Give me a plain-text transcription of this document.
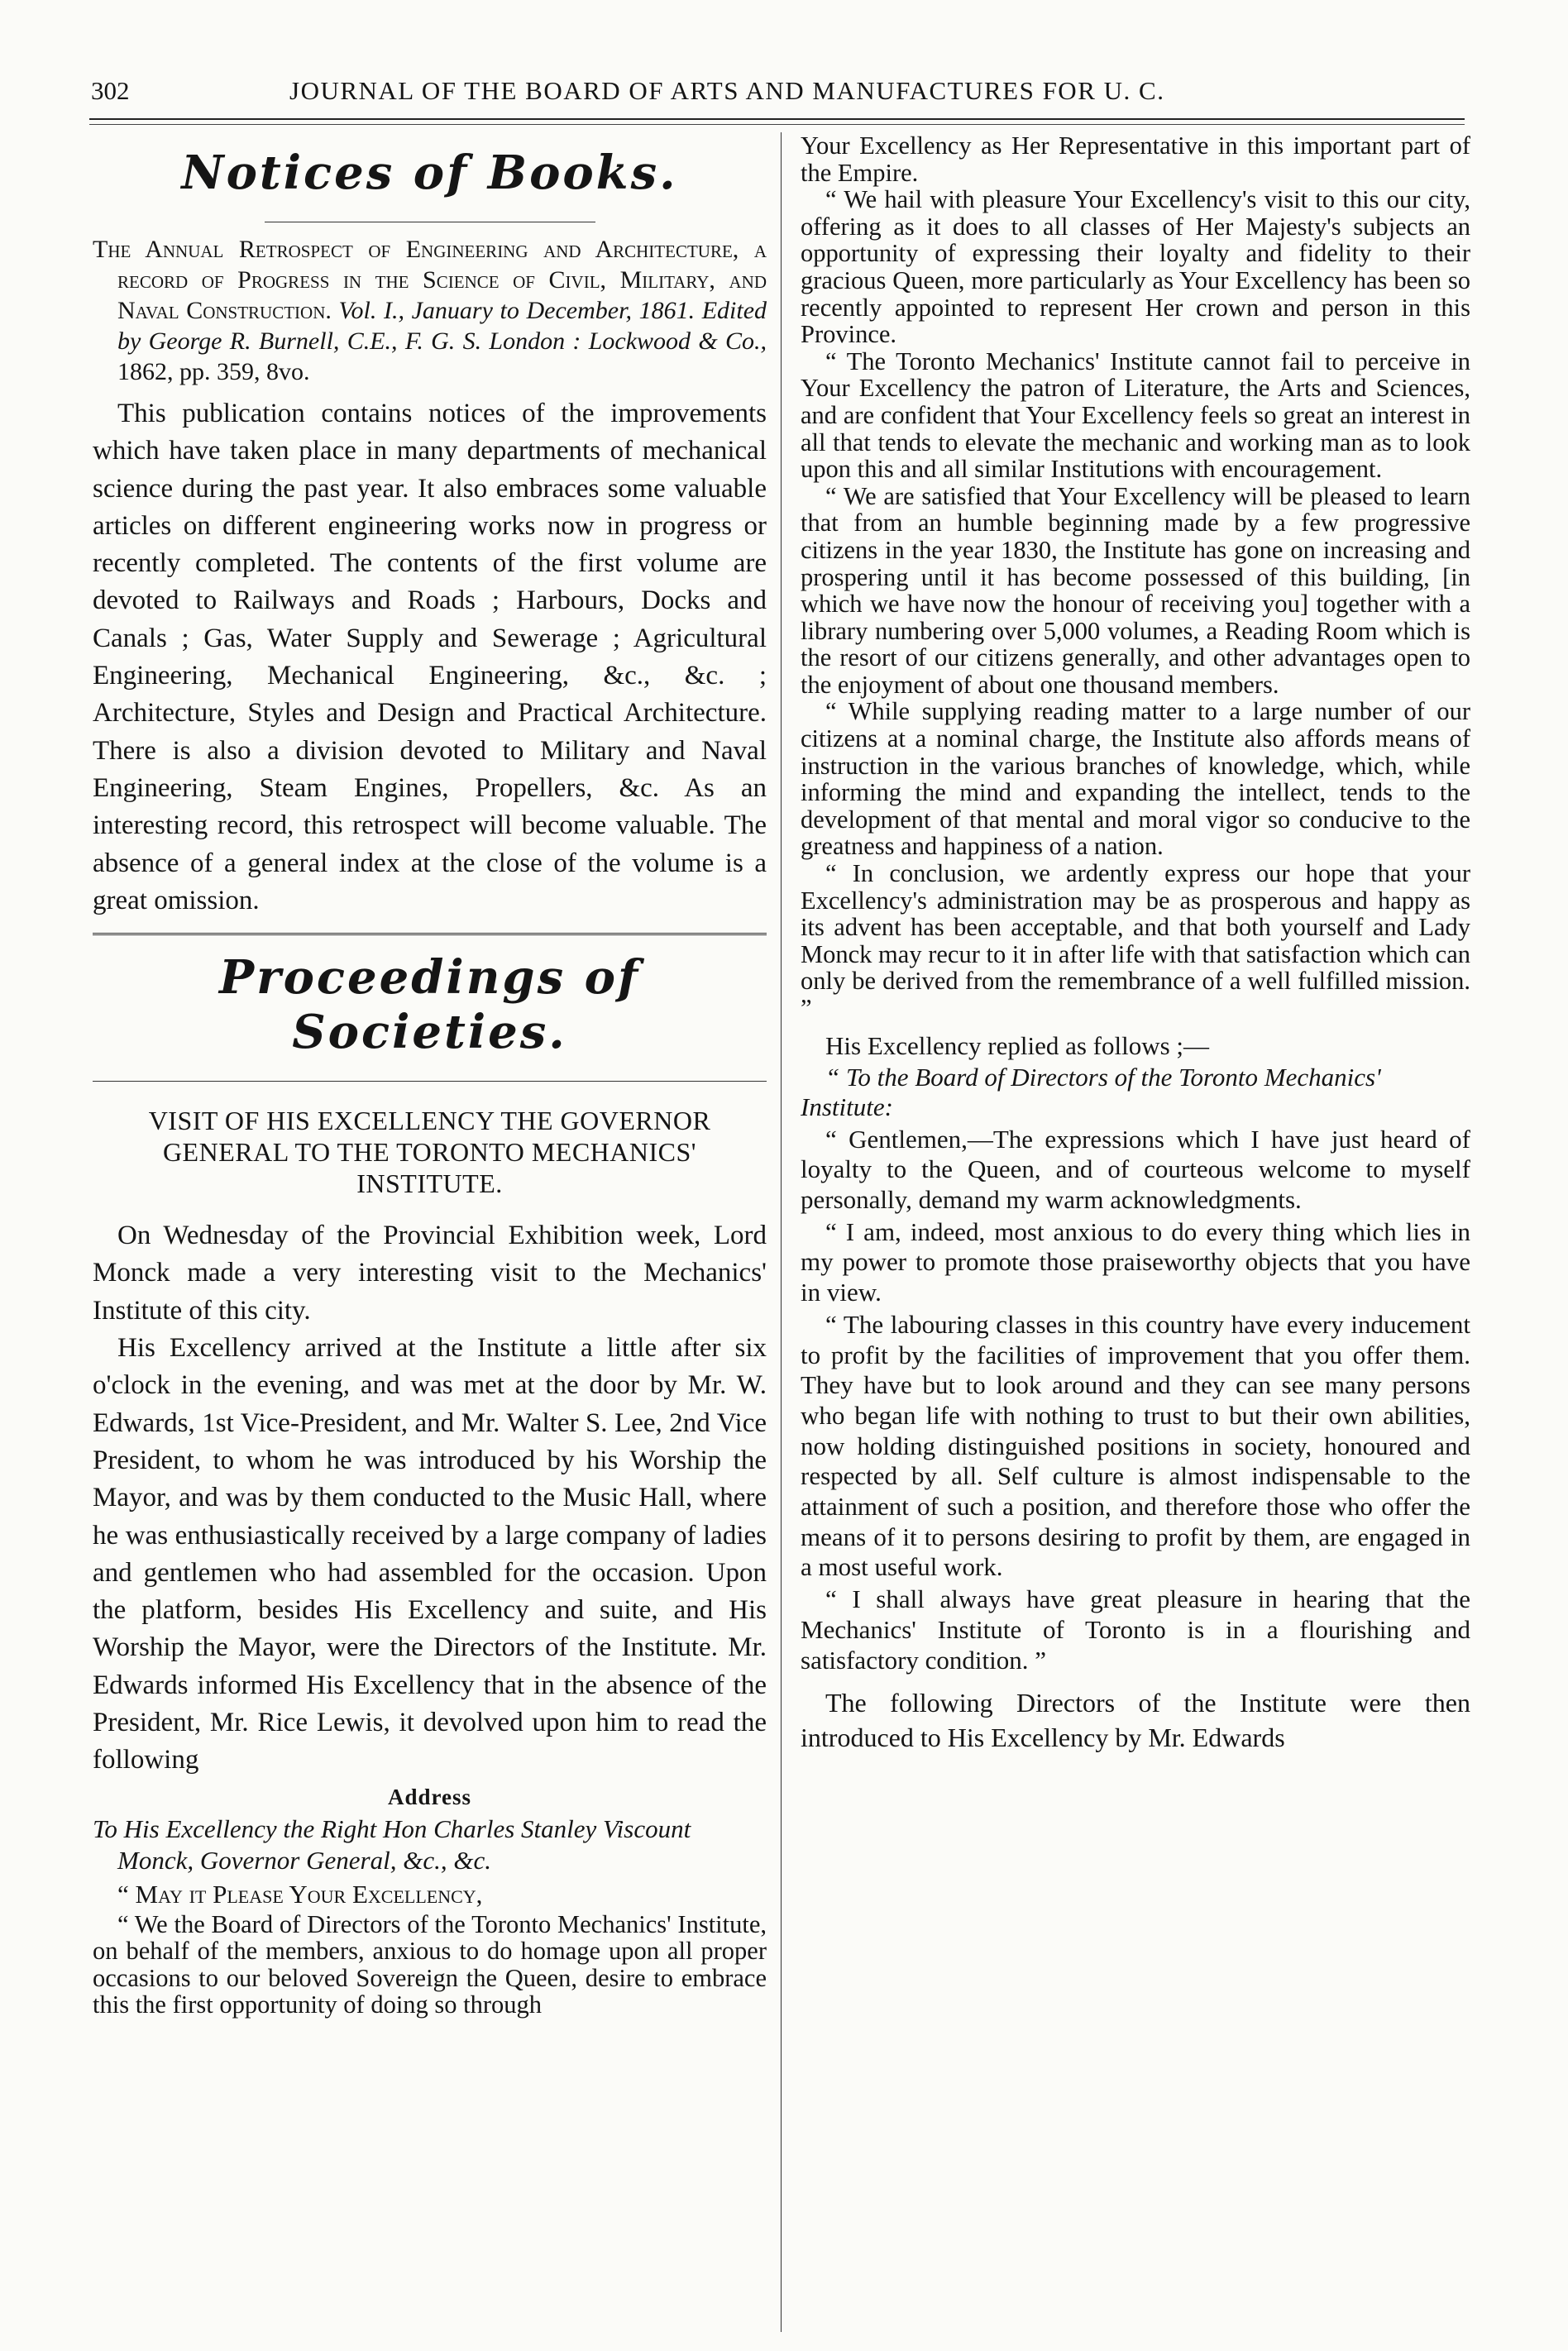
302	JOURNAL OF THE BOARD OF ARTS AND MANUFACTURES FOR U. C.
Notices of Books.

The Annual Retrospect of Engineering and Architecture, a record of Progress in the Science of Civil, Military, and Naval Construction. Vol. I., January to December, 1861. Edited by George R. Burnell, C.E., F. G. S. London : Lockwood & Co., 1862, pp. 359, 8vo.

This publication contains notices of the improvements which have taken place in many departments of mechanical science during the past year. It also embraces some valuable articles on different engineering works now in progress or recently completed. The contents of the first volume are devoted to Railways and Roads ; Harbours, Docks and Canals ; Gas, Water Supply and Sewerage ; Agricultural Engineering, Mechanical Engineering, &c., &c. ; Architecture, Styles and Design and Practical Architecture. There is also a division devoted to Military and Naval Engineering, Steam Engines, Propellers, &c. As an interesting record, this retrospect will become valuable. The absence of a general index at the close of the volume is a great omission.

Proceedings of Societies.
VISIT OF HIS EXCELLENCY THE GOVERNOR GENERAL TO THE TORONTO MECHANICS' INSTITUTE.

On Wednesday of the Provincial Exhibition week, Lord Monck made a very interesting visit to the Mechanics' Institute of this city.

His Excellency arrived at the Institute a little after six o'clock in the evening, and was met at the door by Mr. W. Edwards, 1st Vice-President, and Mr. Walter S. Lee, 2nd Vice President, to whom he was introduced by his Worship the Mayor, and was by them conducted to the Music Hall, where he was enthusiastically received by a large company of ladies and gentlemen who had assembled for the occasion. Upon the platform, besides His Excellency and suite, and His Worship the Mayor, were the Directors of the Institute. Mr. Edwards informed His Excellency that in the absence of the President, Mr. Rice Lewis, it devolved upon him to read the following

Address

To His Excellency the Right Hon Charles Stanley Viscount Monck, Governor General, &c., &c.

“ May it Please Your Excellency,

“ We the Board of Directors of the Toronto Mechanics' Institute, on behalf of the members, anxious to do homage upon all proper occasions to our beloved Sovereign the Queen, desire to embrace this the first opportunity of doing so through

Your Excellency as Her Representative in this important part of the Empire.

“ We hail with pleasure Your Excellency's visit to this our city, offering as it does to all classes of Her Majesty's subjects an opportunity of expressing their loyalty and fidelity to their gracious Queen, more particularly as Your Excellency has been so recently appointed to represent Her crown and person in this Province.

“ The Toronto Mechanics' Institute cannot fail to perceive in Your Excellency the patron of Literature, the Arts and Sciences, and are confident that Your Excellency feels so great an interest in all that tends to elevate the mechanic and working man as to look upon this and all similar Institutions with encouragement.

“ We are satisfied that Your Excellency will be pleased to learn that from an humble beginning made by a few progressive citizens in the year 1830, the Institute has gone on increasing and prospering until it has become possessed of this building, [in which we have now the honour of receiving you] together with a library numbering over 5,000 volumes, a Reading Room which is the resort of our citizens generally, and other advantages open to the enjoyment of about one thousand members.

“ While supplying reading matter to a large number of our citizens at a nominal charge, the Institute also affords means of instruction in the various branches of knowledge, which, while informing the mind and expanding the intellect, tends to the development of that mental and moral vigor so conducive to the greatness and happiness of a nation.

“ In conclusion, we ardently express our hope that your Excellency's administration may be as prosperous and happy as its advent has been acceptable, and that both yourself and Lady Monck may recur to it in after life with that satisfaction which can only be derived from the remembrance of a well fulfilled mission. ”

His Excellency replied as follows ;—

“ To the Board of Directors of the Toronto Mechanics' Institute:

“ Gentlemen,—The expressions which I have just heard of loyalty to the Queen, and of courteous welcome to myself personally, demand my warm acknowledgments.

“ I am, indeed, most anxious to do every thing which lies in my power to promote those praiseworthy objects that you have in view.

“ The labouring classes in this country have every inducement to profit by the facilities of improvement that you offer them. They have but to look around and they can see many persons who began life with nothing to trust to but their own abilities, now holding distinguished positions in society, honoured and respected by all. Self culture is almost indispensable to the attainment of such a position, and therefore those who offer the means of it to persons desiring to profit by them, are engaged in a most useful work.

“ I shall always have great pleasure in hearing that the Mechanics' Institute of Toronto is in a flourishing and satisfactory condition. ”

The following Directors of the Institute were then introduced to His Excellency by Mr. Edwards
